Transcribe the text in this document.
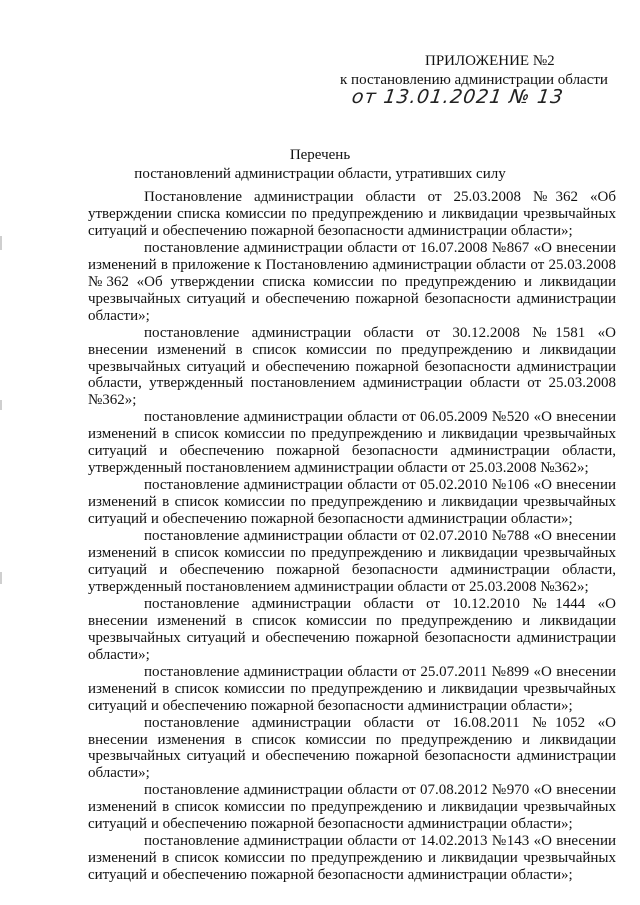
ПРИЛОЖЕНИЕ №2
к постановлению администрации области
от 13.01.2021 № 13
Перечень
постановлений администрации области, утративших силу

Постановление администрации области от 25.03.2008 №362 «Об утверждении списка комиссии по предупреждению и ликвидации чрезвычайных ситуаций и обеспечению пожарной безопасности администрации области»;

постановление администрации области от 16.07.2008 №867 «О внесении изменений в приложение к Постановлению администрации области от 25.03.2008 №362 «Об утверждении списка комиссии по предупреждению и ликвидации чрезвычайных ситуаций и обеспечению пожарной безопасности администрации области»;

постановление администрации области от 30.12.2008 №1581 «О внесении изменений в список комиссии по предупреждению и ликвидации чрезвычайных ситуаций и обеспечению пожарной безопасности администрации области, утвержденный постановлением администрации области от 25.03.2008 №362»;

постановление администрации области от 06.05.2009 №520 «О внесении изменений в список комиссии по предупреждению и ликвидации чрезвычайных ситуаций и обеспечению пожарной безопасности администрации области, утвержденный постановлением администрации области от 25.03.2008 №362»;

постановление администрации области от 05.02.2010 №106 «О внесении изменений в список комиссии по предупреждению и ликвидации чрезвычайных ситуаций и обеспечению пожарной безопасности администрации области»;

постановление администрации области от 02.07.2010 №788 «О внесении изменений в список комиссии по предупреждению и ликвидации чрезвычайных ситуаций и обеспечению пожарной безопасности администрации области, утвержденный постановлением администрации области от 25.03.2008 №362»;

постановление администрации области от 10.12.2010 №1444 «О внесении изменений в список комиссии по предупреждению и ликвидации чрезвычайных ситуаций и обеспечению пожарной безопасности администрации области»;

постановление администрации области от 25.07.2011 №899 «О внесении изменений в список комиссии по предупреждению и ликвидации чрезвычайных ситуаций и обеспечению пожарной безопасности администрации области»;

постановление администрации области от 16.08.2011 №1052 «О внесении изменения в список комиссии по предупреждению и ликвидации чрезвычайных ситуаций и обеспечению пожарной безопасности администрации области»;

постановление администрации области от 07.08.2012 №970 «О внесении изменений в список комиссии по предупреждению и ликвидации чрезвычайных ситуаций и обеспечению пожарной безопасности администрации области»;

постановление администрации области от 14.02.2013 №143 «О внесении изменений в список комиссии по предупреждению и ликвидации чрезвычайных ситуаций и обеспечению пожарной безопасности администрации области»;
